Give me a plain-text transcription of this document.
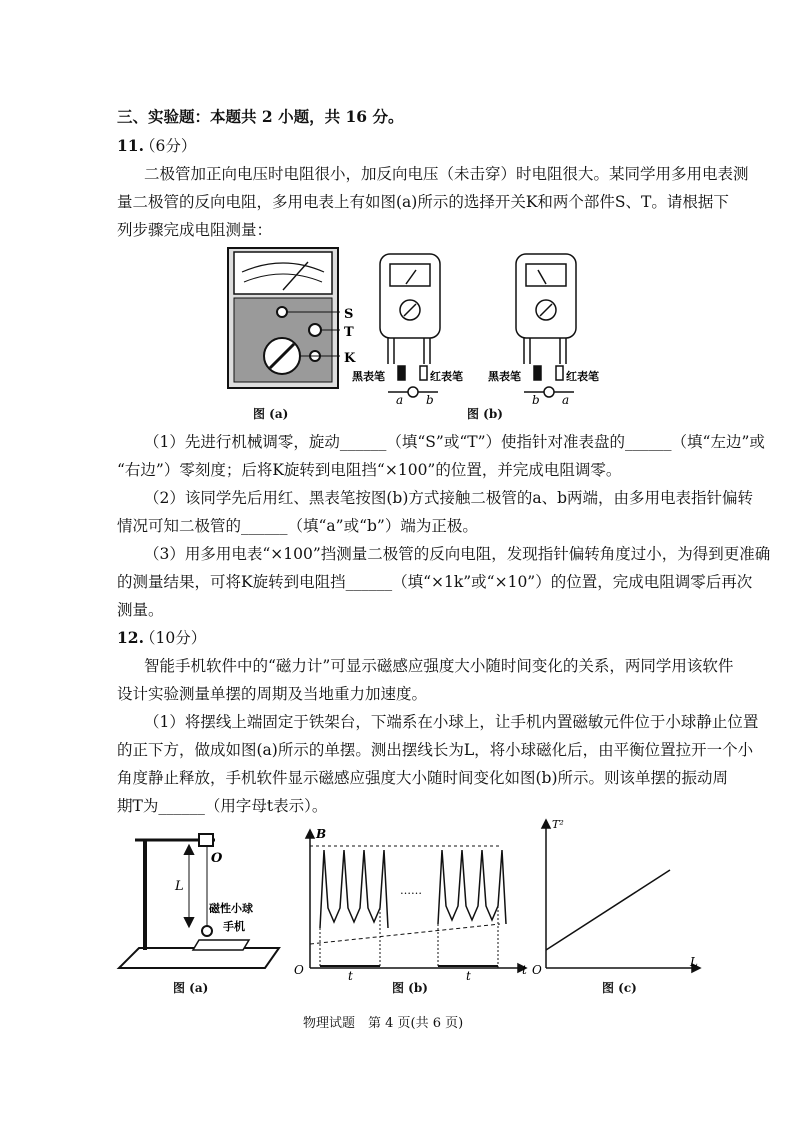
三、实验题：本题共 2 小题，共 16 分。
11.
（6分）
二极管加正向电压时电阻很小，加反向电压（未击穿）时电阻很大。某同学用多用电表测
量二极管的反向电阻，多用电表上有如图(a)所示的选择开关K和两个部件S、T。请根据下
列步骤完成电阻测量：
S
T
K
黑表笔	红表笔
a b
黑表笔	红表笔
b a
图 (a)	图 (b)
（1）先进行机械调零，旋动______（填“S”或“T”）使指针对准表盘的______（填“左边”或
“右边”）零刻度；后将K旋转到电阻挡“×100”的位置，并完成电阻调零。
（2）该同学先后用红、黑表笔按图(b)方式接触二极管的a、b两端，由多用电表指针偏转
情况可知二极管的______（填“a”或“b”）端为正极。
（3）用多用电表“×100”挡测量二极管的反向电阻，发现指针偏转角度过小，为得到更准确
的测量结果，可将K旋转到电阻挡______（填“×1k”或“×10”）的位置，完成电阻调零后再次
测量。
12.
（10分）
智能手机软件中的“磁力计”可显示磁感应强度大小随时间变化的关系，两同学用该软件
设计实验测量单摆的周期及当地重力加速度。
（1）将摆线上端固定于铁架台，下端系在小球上，让手机内置磁敏元件位于小球静止位置
的正下方，做成如图(a)所示的单摆。测出摆线长为L，将小球磁化后，由平衡位置拉开一个小
角度静止释放，手机软件显示磁感应强度大小随时间变化如图(b)所示。则该单摆的振动周
期T为______（用字母t表示）。
O
L
磁性小球
手机
B
O	t
t	t
……
T²
O
L
图 (a)	图 (b)	图 (c)
物理试题　第 4 页(共 6 页)
